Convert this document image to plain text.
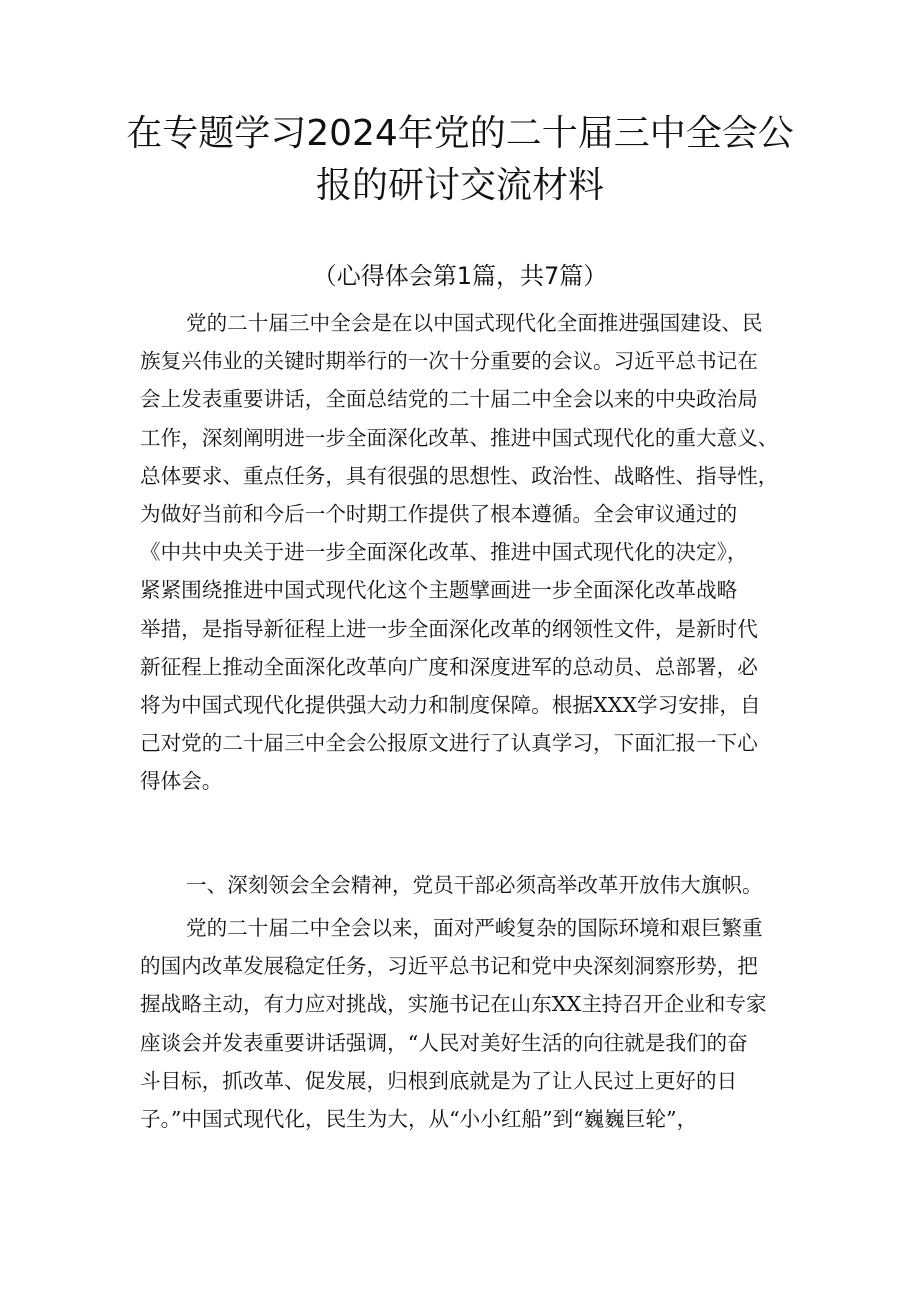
在专题学习2024年党的二十届三中全会公
报的研讨交流材料
（心得体会第1篇，共7篇）
党的二十届三中全会是在以中国式现代化全面推进强国建设、民
族复兴伟业的关键时期举行的一次十分重要的会议。习近平总书记在
会上发表重要讲话，全面总结党的二十届二中全会以来的中央政治局
工作，深刻阐明进一步全面深化改革、推进中国式现代化的重大意义、
总体要求、重点任务，具有很强的思想性、政治性、战略性、指导性，
为做好当前和今后一个时期工作提供了根本遵循。全会审议通过的
《中共中央关于进一步全面深化改革、推进中国式现代化的决定》，
紧紧围绕推进中国式现代化这个主题擘画进一步全面深化改革战略
举措，是指导新征程上进一步全面深化改革的纲领性文件，是新时代
新征程上推动全面深化改革向广度和深度进军的总动员、总部署，必
将为中国式现代化提供强大动力和制度保障。根据XXX学习安排，自
己对党的二十届三中全会公报原文进行了认真学习，下面汇报一下心
得体会。
一、深刻领会全会精神，党员干部必须高举改革开放伟大旗帜。
党的二十届二中全会以来，面对严峻复杂的国际环境和艰巨繁重
的国内改革发展稳定任务，习近平总书记和党中央深刻洞察形势，把
握战略主动，有力应对挑战，实施书记在山东XX主持召开企业和专家
座谈会并发表重要讲话强调，“人民对美好生活的向往就是我们的奋
斗目标，抓改革、促发展，归根到底就是为了让人民过上更好的日
子。”中国式现代化，民生为大，从“小小红船”到“巍巍巨轮”，
